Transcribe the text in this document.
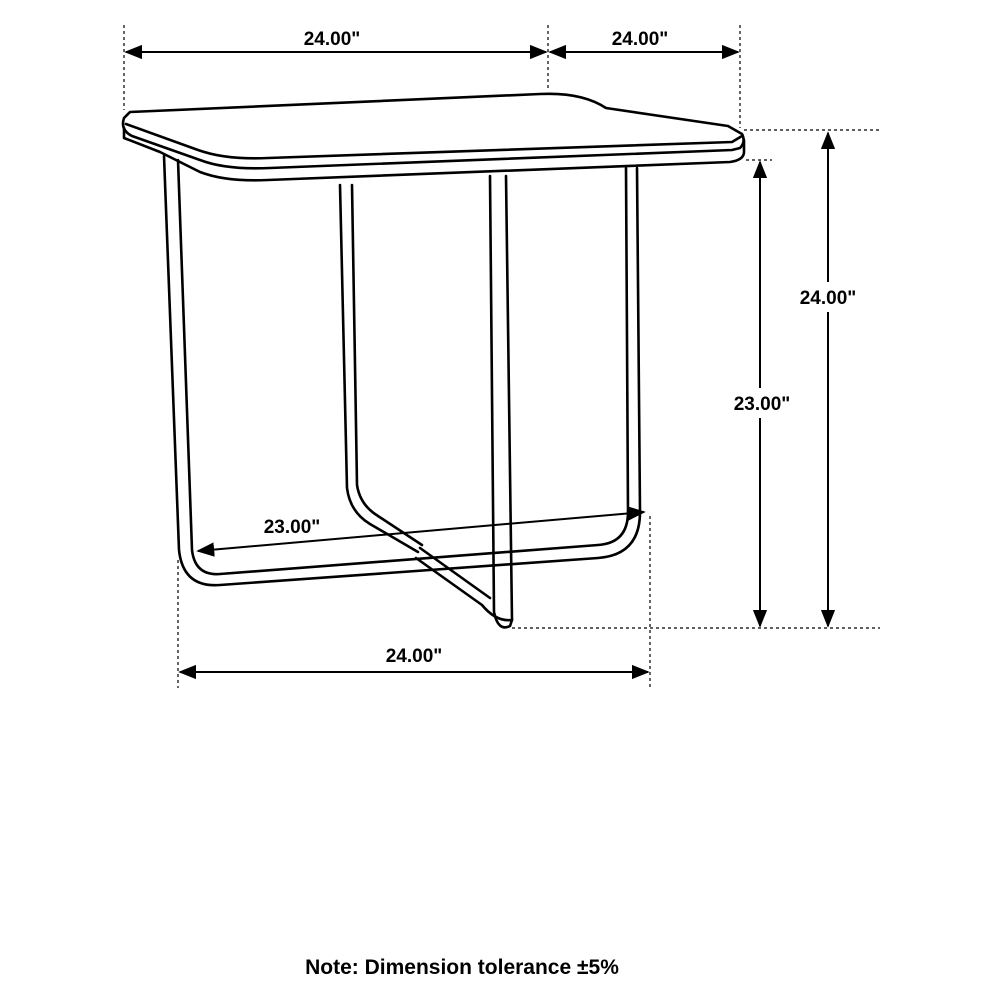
24.00"	24.00"
24.00"
23.00"
23.00"
24.00"
Note: Dimension tolerance ±5%
